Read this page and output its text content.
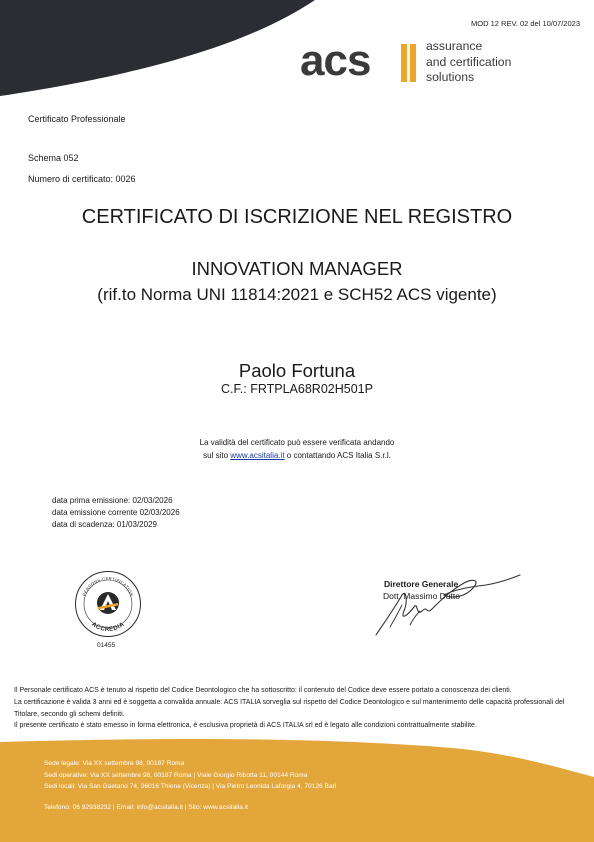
MOD 12 REV. 02 del 10/07/2023
acs	assurance
and certification
solutions
Certificato Professionale
Schema 052
Numero di certificato: 0026
CERTIFICATO DI ISCRIZIONE NEL REGISTRO
INNOVATION MANAGER
(rif.to Norma UNI 11814:2021 e SCH52 ACS vigente)
Paolo Fortuna
C.F.: FRTPLA68R02H501P
La validità del certificato può essere verificata andando
sul sito www.acsitalia.it o contattando ACS Italia S.r.l.
data prima emissione: 02/03/2026
data emissione corrente 02/03/2026
data di scadenza: 01/03/2029
PERSONS CERTIFICATION
ACCREDIA
01455
Direttore Generale
Dott. Massimo Dutto
Il Personale certificato ACS è tenuto al rispetto del Codice Deontologico che ha sottoscritto: il contenuto del Codice deve essere portato a conoscenza dei clienti.
La certificazione è valida 3 anni ed è soggetta a convalida annuale: ACS ITALIA sorveglia sul rispetto del Codice Deontologico e sul mantenimento delle capacità professionali del Titolare, secondo gli schemi definiti.
Il presente certificato è stato emesso in forma elettronica, è esclusiva proprietà di ACS ITALIA srl ed è legato alle condizioni contrattualmente stabilite.
Sede legale: Via XX settembre 98, 00187 Roma
Sedi operative: Via XX settembre 98, 00187 Roma | Viale Giorgio Ribotta 11, 00144 Roma
Sedi locali: Via San Gaetano 74, 36016 Thiene (Vicenza) | Via Pietro Leonida Laforgia 4, 70126 Bari
Telefono: 06 92938232 | Email: info@acsitalia.it | Sito: www.acsitalia.it
